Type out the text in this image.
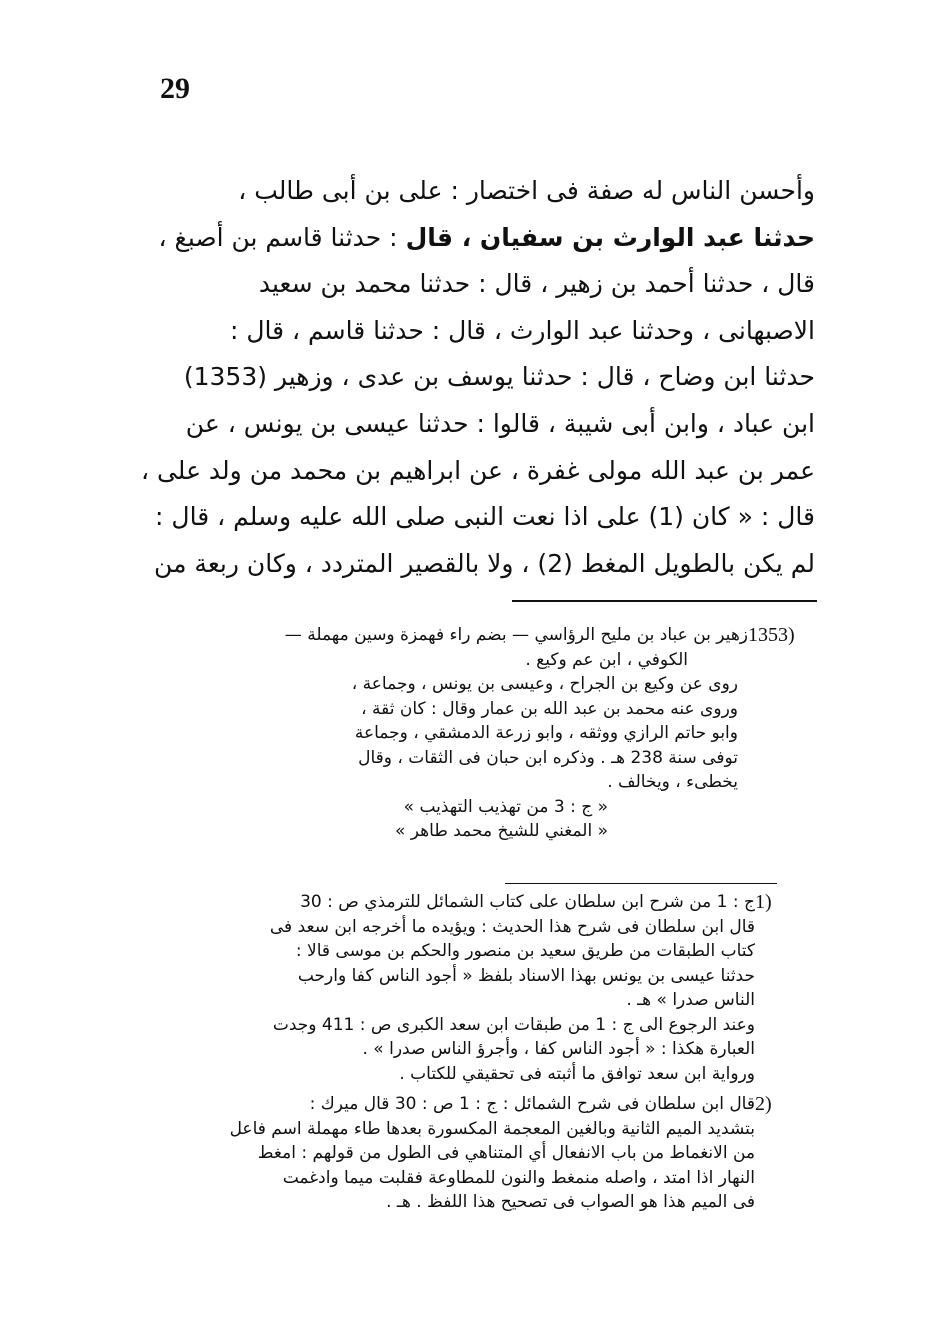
29
وأحسن الناس له صفة فى اختصار : على بن أبى طالب ،
حدثنا عبد الوارث بن سفيان ، قال : حدثنا قاسم بن أصبغ ،
قال ، حدثنا أحمد بن زهير ، قال : حدثنا محمد بن سعيد
الاصبهانى ، وحدثنا عبد الوارث ، قال : حدثنا قاسم ، قال :
حدثنا ابن وضاح ، قال : حدثنا يوسف بن عدى ، وزهير (1353)
ابن عباد ، وابن أبى شيبة ، قالوا : حدثنا عيسى بن يونس ، عن
عمر بن عبد الله مولى غفرة ، عن ابراهيم بن محمد من ولد على ،
قال : « كان (1) على اذا نعت النبى صلى الله عليه وسلم ، قال :
لم يكن بالطويل المغط (2) ، ولا بالقصير المتردد ، وكان ربعة من
1353)
زهير بن عباد بن مليح الرؤاسي — بضم راء فهمزة وسين مهملة —
الكوفي ، ابن عم وكيع .
روى عن وكيع بن الجراح ، وعيسى بن يونس ، وجماعة ،
وروى عنه محمد بن عبد الله بن عمار وقال : كان ثقة ،
وابو حاتم الرازي ووثقه ، وابو زرعة الدمشقي ، وجماعة
توفى سنة 238 هـ . وذكره ابن حبان فى الثقات ، وقال
يخطىء ، ويخالف .
« ج : 3 من تهذيب التهذيب »
« المغني للشيخ محمد طاهر »
1)
ج : 1 من شرح ابن سلطان على كتاب الشمائل للترمذي ص : 30
قال ابن سلطان فى شرح هذا الحديث : ويؤيده ما أخرجه ابن سعد فى
كتاب الطبقات من طريق سعيد بن منصور والحكم بن موسى قالا :
حدثنا عيسى بن يونس بهذا الاسناد بلفظ « أجود الناس كفا وارحب
الناس صدرا » هـ .
وعند الرجوع الى ج : 1 من طبقات ابن سعد الكبرى ص : 411 وجدت
العبارة هكذا : « أجود الناس كفا ، وأجرؤ الناس صدرا » .
ورواية ابن سعد توافق ما أثبته فى تحقيقي للكتاب .
2)
قال ابن سلطان فى شرح الشمائل : ج : 1 ص : 30 قال ميرك :
بتشديد الميم الثانية وبالغين المعجمة المكسورة بعدها طاء مهملة اسم فاعل
من الانغماط من باب الانفعال أي المتناهي فى الطول من قولهم : امغط
النهار اذا امتد ، واصله منمغط والنون للمطاوعة فقلبت ميما وادغمت
فى الميم هذا هو الصواب فى تصحيح هذا اللفظ . هـ .
